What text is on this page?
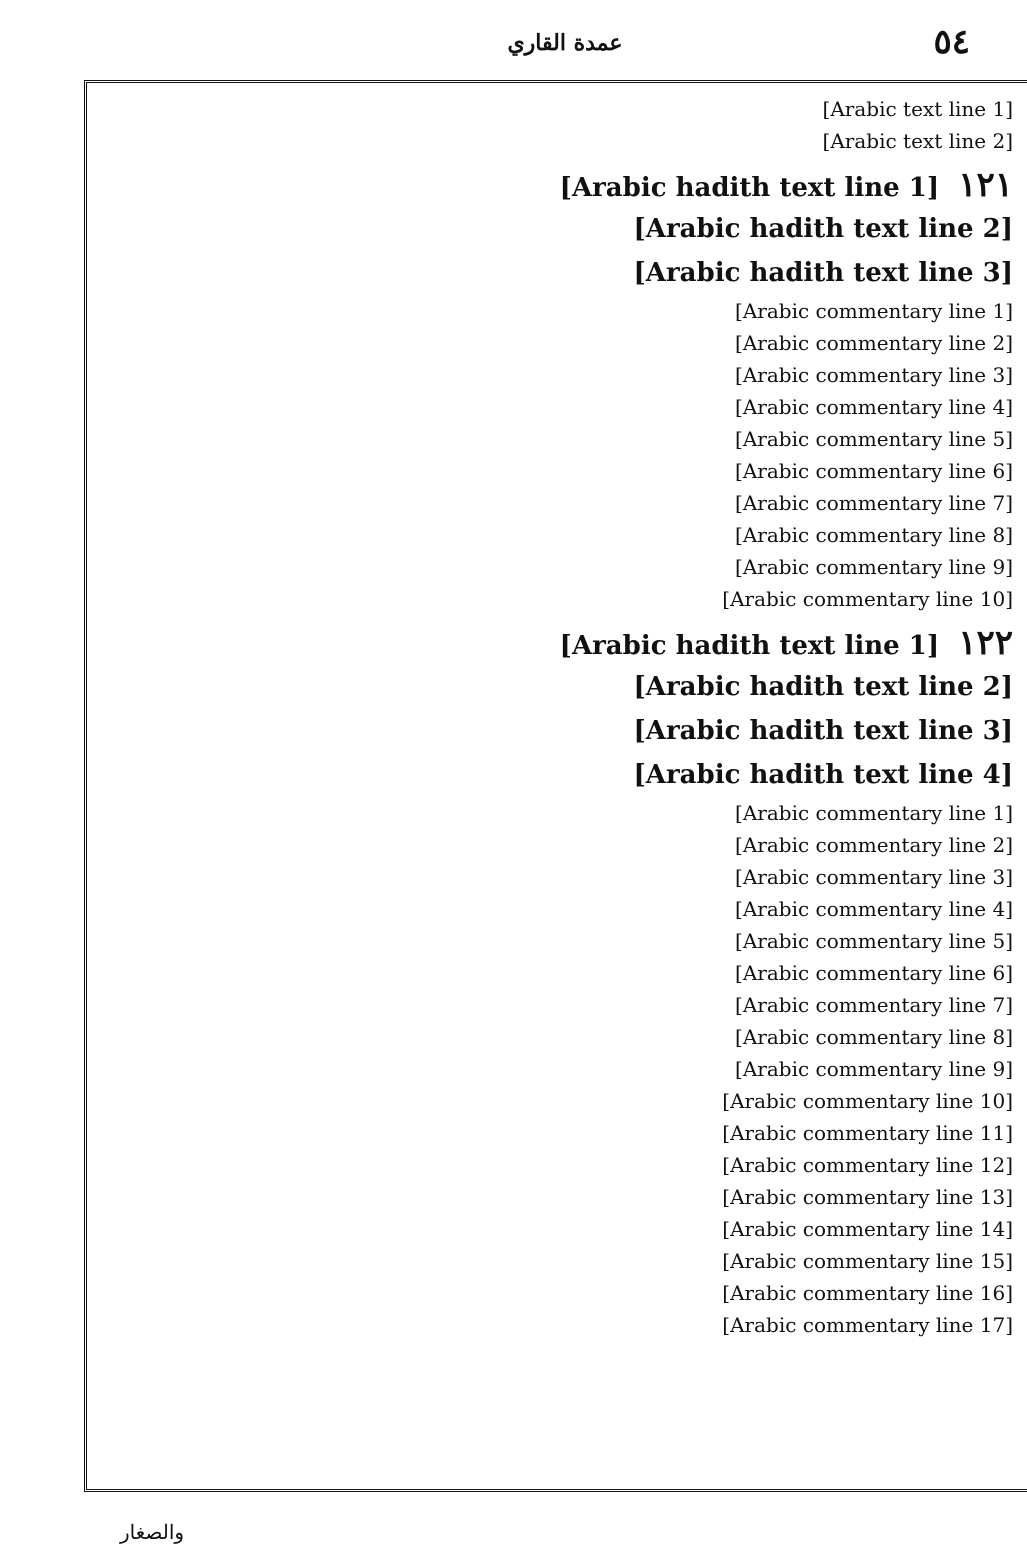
عمدة القاري	٥٤
[Arabic text line 1]
[Arabic text line 2]
١٢١ [Arabic hadith text line 1]
[Arabic hadith text line 2]
[Arabic hadith text line 3]
[Arabic commentary line 1]
[Arabic commentary line 2]
[Arabic commentary line 3]
[Arabic commentary line 4]
[Arabic commentary line 5]
[Arabic commentary line 6]
[Arabic commentary line 7]
[Arabic commentary line 8]
[Arabic commentary line 9]
[Arabic commentary line 10]
١٢٢ [Arabic hadith text line 1]
[Arabic hadith text line 2]
[Arabic hadith text line 3]
[Arabic hadith text line 4]
[Arabic commentary line 1]
[Arabic commentary line 2]
[Arabic commentary line 3]
[Arabic commentary line 4]
[Arabic commentary line 5]
[Arabic commentary line 6]
[Arabic commentary line 7]
[Arabic commentary line 8]
[Arabic commentary line 9]
[Arabic commentary line 10]
[Arabic commentary line 11]
[Arabic commentary line 12]
[Arabic commentary line 13]
[Arabic commentary line 14]
[Arabic commentary line 15]
[Arabic commentary line 16]
[Arabic commentary line 17]
والصغار
